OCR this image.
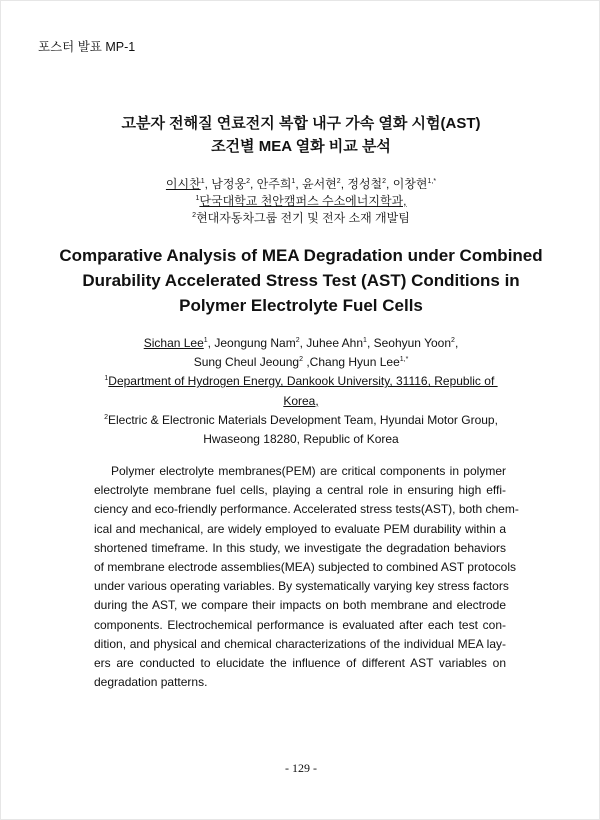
포스터 발표 MP-1
고분자 전해질 연료전지 복합 내구 가속 열화 시험(AST)
조건별 MEA 열화 비교 분석
이시찬$^1$, 남정웅$^2$, 안주희$^1$, 윤서현$^2$, 정성철$^2$, 이창현$^{1,*}$
$^1$단국대학교 천안캠퍼스 수소에너지학과,
$^2$현대자동차그룹 전기 및 전자 소재 개발팀
Comparative Analysis of MEA Degradation under Combined
Durability Accelerated Stress Test (AST) Conditions in
Polymer Electrolyte Fuel Cells
Sichan Lee$^1$, Jeongung Nam$^2$, Juhee Ahn$^1$, Seohyun Yoon$^2$,
Sung Cheul Jeoung$^2$ ,Chang Hyun Lee$^{1,*}$
$^1$Department of Hydrogen Energy, Dankook University, 31116, Republic of
Korea,
$^2$Electric & Electronic Materials Development Team, Hyundai Motor Group,
Hwaseong 18280, Republic of Korea
Polymer electrolyte membranes(PEM) are critical components in polymer
electrolyte membrane fuel cells, playing a central role in ensuring high effi-
ciency and eco-friendly performance. Accelerated stress tests(AST), both chem-
ical and mechanical, are widely employed to evaluate PEM durability within a
shortened timeframe. In this study, we investigate the degradation behaviors
of membrane electrode assemblies(MEA) subjected to combined AST protocols
under various operating variables. By systematically varying key stress factors
during the AST, we compare their impacts on both membrane and electrode
components. Electrochemical performance is evaluated after each test con-
dition, and physical and chemical characterizations of the individual MEA lay-
ers are conducted to elucidate the influence of different AST variables on
degradation patterns.
- 129 -
